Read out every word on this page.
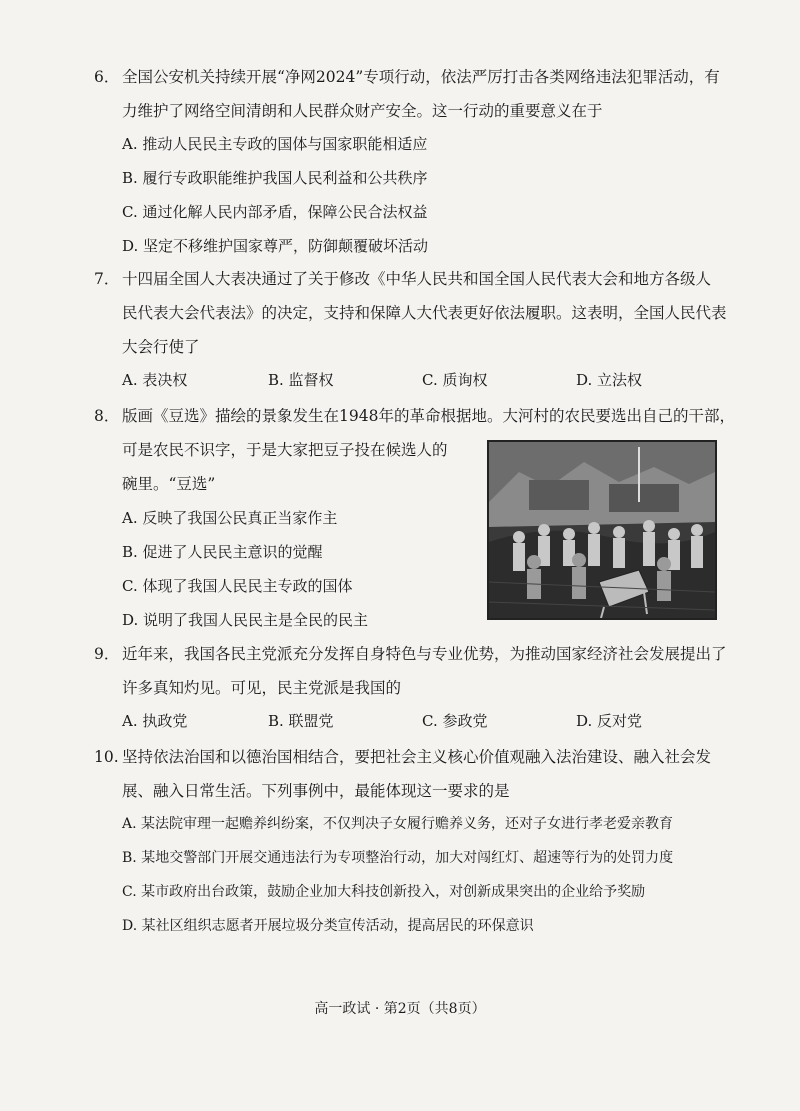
6． 全国公安机关持续开展“净网2024”专项行动，依法严厉打击各类网络违法犯罪活动，有
力维护了网络空间清朗和人民群众财产安全。这一行动的重要意义在于
A. 推动人民民主专政的国体与国家职能相适应
B. 履行专政职能维护我国人民利益和公共秩序
C. 通过化解人民内部矛盾，保障公民合法权益
D. 坚定不移维护国家尊严，防御颠覆破坏活动
7． 十四届全国人大表决通过了关于修改《中华人民共和国全国人民代表大会和地方各级人
民代表大会代表法》的决定，支持和保障人大代表更好依法履职。这表明，全国人民代表
大会行使了
A. 表决权	B. 监督权	C. 质询权	D. 立法权
8． 版画《豆选》描绘的景象发生在1948年的革命根据地。大河村的农民要选出自己的干部，
可是农民不识字，于是大家把豆子投在候选人的
碗里。“豆选”
A. 反映了我国公民真正当家作主
B. 促进了人民民主意识的觉醒
C. 体现了我国人民民主专政的国体
D. 说明了我国人民民主是全民的民主
9． 近年来，我国各民主党派充分发挥自身特色与专业优势，为推动国家经济社会发展提出了
许多真知灼见。可见，民主党派是我国的
A. 执政党	B. 联盟党	C. 参政党	D. 反对党
10. 坚持依法治国和以德治国相结合，要把社会主义核心价值观融入法治建设、融入社会发
展、融入日常生活。下列事例中，最能体现这一要求的是
A. 某法院审理一起赡养纠纷案，不仅判决子女履行赡养义务，还对子女进行孝老爱亲教育
B. 某地交警部门开展交通违法行为专项整治行动，加大对闯红灯、超速等行为的处罚力度
C. 某市政府出台政策，鼓励企业加大科技创新投入，对创新成果突出的企业给予奖励
D. 某社区组织志愿者开展垃圾分类宣传活动，提高居民的环保意识
高一政试 · 第2页（共8页）
